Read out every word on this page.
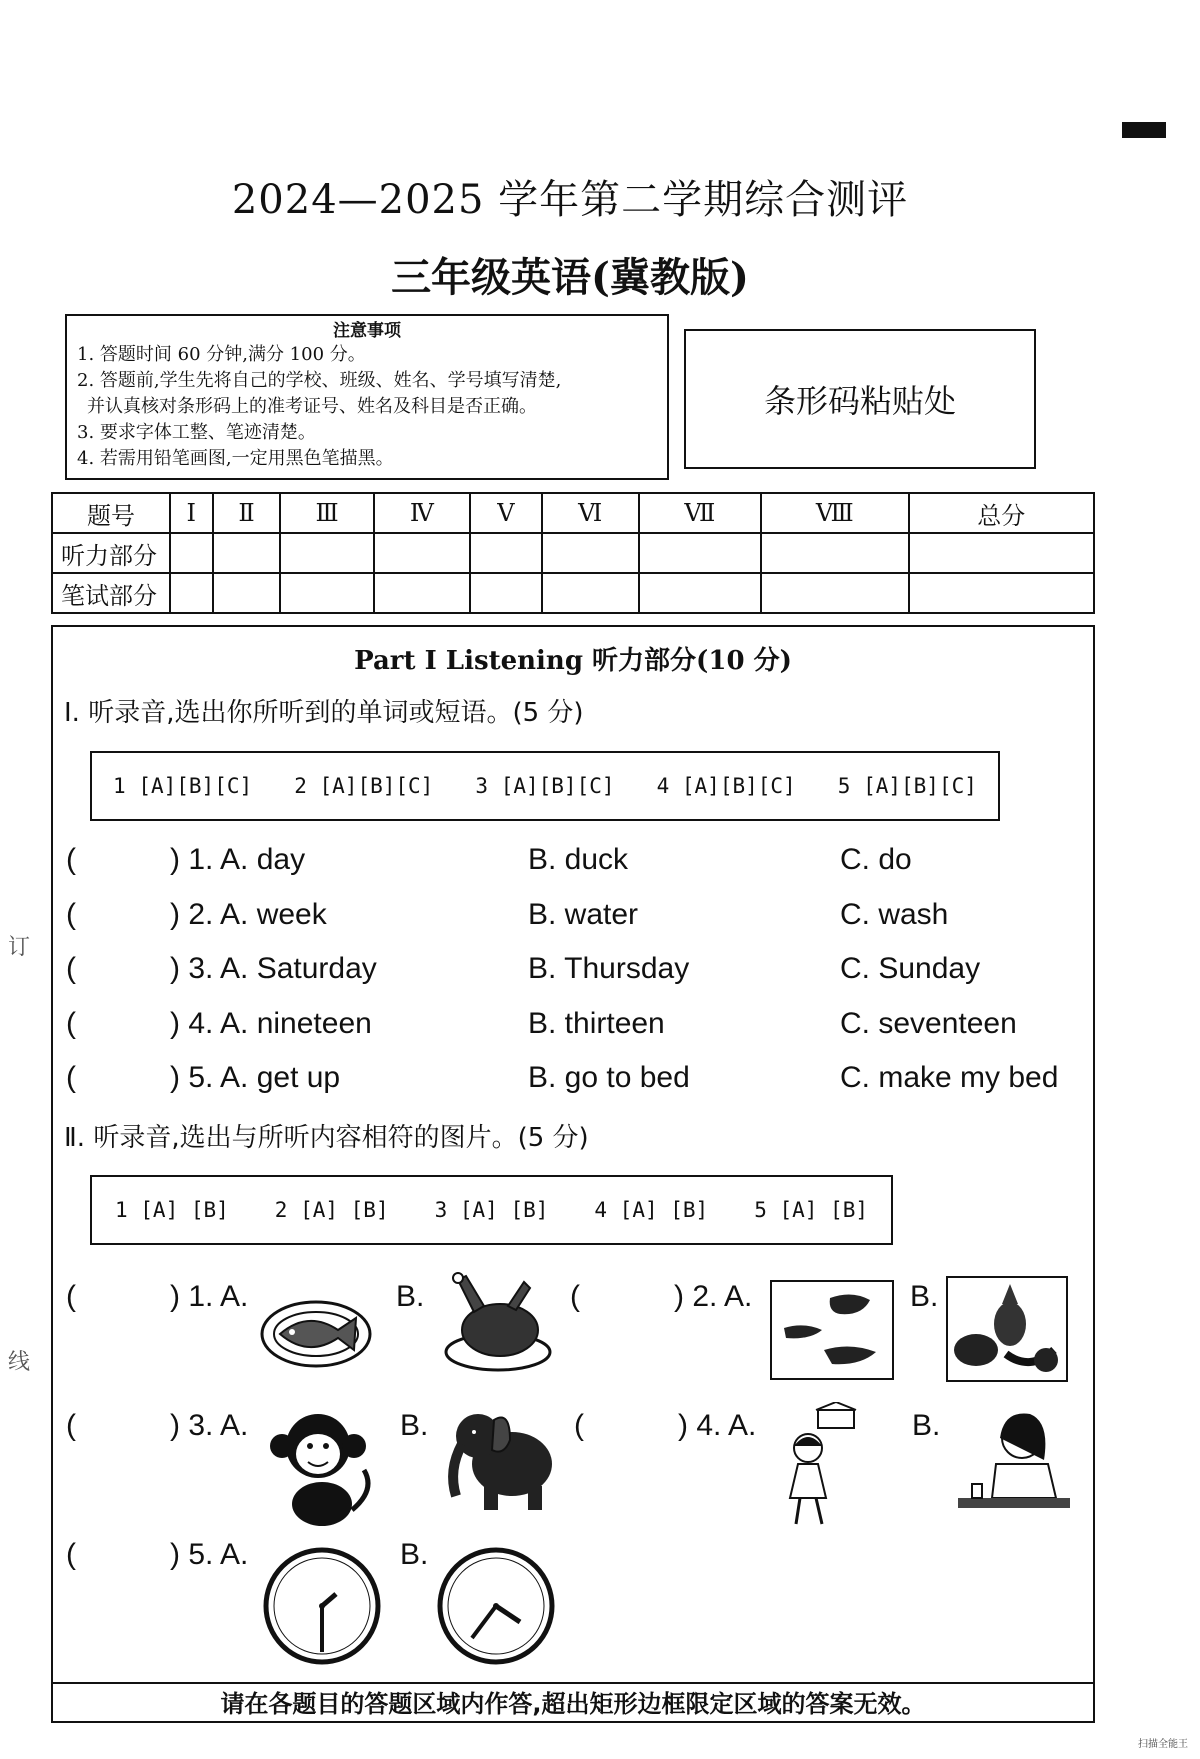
2024—2025 学年第二学期综合测评
三年级英语(冀教版)
订
线
注意事项
1. 答题时间 60 分钟,满分 100 分。
2. 答题前,学生先将自己的学校、班级、姓名、学号填写清楚,
并认真核对条形码上的准考证号、姓名及科目是否正确。
3. 要求字体工整、笔迹清楚。
4. 若需用铅笔画图,一定用黑色笔描黑。
条形码粘贴处
题号	Ⅰ	Ⅱ	Ⅲ	Ⅳ	Ⅴ	Ⅵ	Ⅶ	Ⅷ	总分
听力部分									
笔试部分									
Part Ⅰ Listening 听力部分(10 分)
Ⅰ. 听录音,选出你所听到的单词或短语。(5 分)
1 [A][B][C] 2 [A][B][C] 3 [A][B][C] 4 [A][B][C] 5 [A][B][C]
(	) 1. A. day	B. duck	C. do
(	) 2. A. week	B. water	C. wash
(	) 3. A. Saturday	B. Thursday	C. Sunday
(	) 4. A. nineteen	B. thirteen	C. seventeen
(	) 5. A. get up	B. go to bed	C. make my bed
Ⅱ. 听录音,选出与所听内容相符的图片。(5 分)
1 [A] [B] 2 [A] [B] 3 [A] [B] 4 [A] [B] 5 [A] [B]
(	) 1. A.	B.	(	) 2. A.	B.
(	) 3. A.	B.	(	) 4. A.	B.
(	) 5. A.	B.
请在各题目的答题区域内作答,超出矩形边框限定区域的答案无效。
扫描全能王
